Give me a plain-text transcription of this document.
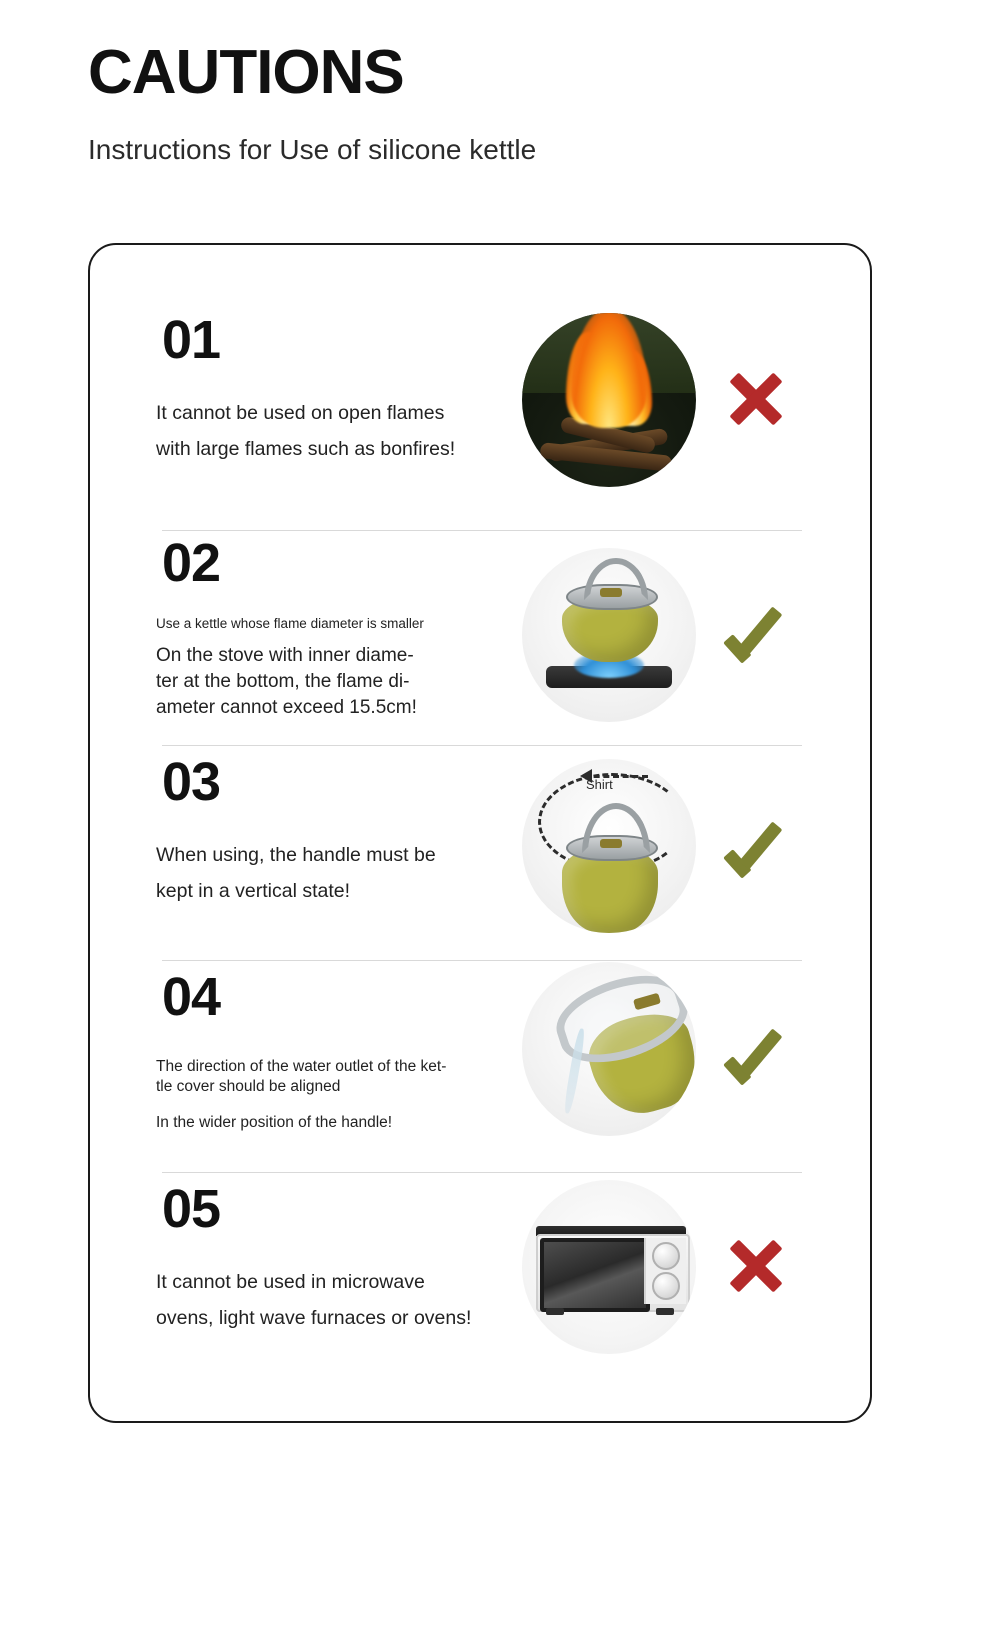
CAUTIONS
Instructions for Use of silicone kettle
01
It cannot be used on open flames
with large flames such as bonfires!
02
Use a kettle whose flame diameter is smaller
On the stove with inner diame-
ter at the bottom, the flame di-
ameter cannot exceed 15.5cm!
03
When using, the handle must be
kept in a vertical state!
Shirt
04
The direction of the water outlet of the ket-
tle cover should be aligned
In the wider position of the handle!
05
It cannot be used in microwave
ovens, light wave furnaces or ovens!
